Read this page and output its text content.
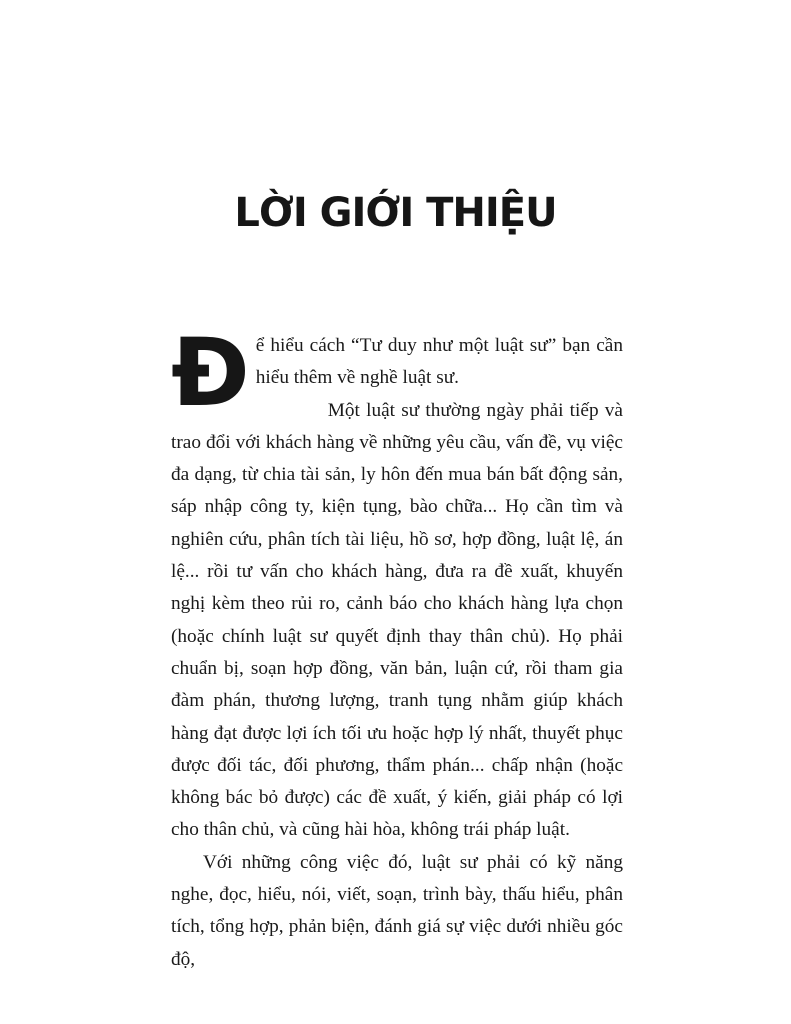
LỜI GIỚI THIỆU

Để hiểu cách “Tư duy như một luật sư” bạn cần hiểu thêm về nghề luật sư.

Một luật sư thường ngày phải tiếp và trao đổi với khách hàng về những yêu cầu, vấn đề, vụ việc đa dạng, từ chia tài sản, ly hôn đến mua bán bất động sản, sáp nhập công ty, kiện tụng, bào chữa... Họ cần tìm và nghiên cứu, phân tích tài liệu, hồ sơ, hợp đồng, luật lệ, án lệ... rồi tư vấn cho khách hàng, đưa ra đề xuất, khuyến nghị kèm theo rủi ro, cảnh báo cho khách hàng lựa chọn (hoặc chính luật sư quyết định thay thân chủ). Họ phải chuẩn bị, soạn hợp đồng, văn bản, luận cứ, rồi tham gia đàm phán, thương lượng, tranh tụng nhằm giúp khách hàng đạt được lợi ích tối ưu hoặc hợp lý nhất, thuyết phục được đối tác, đối phương, thẩm phán... chấp nhận (hoặc không bác bỏ được) các đề xuất, ý kiến, giải pháp có lợi cho thân chủ, và cũng hài hòa, không trái pháp luật.

Với những công việc đó, luật sư phải có kỹ năng nghe, đọc, hiểu, nói, viết, soạn, trình bày, thấu hiểu, phân tích, tổng hợp, phản biện, đánh giá sự việc dưới nhiều góc độ,
